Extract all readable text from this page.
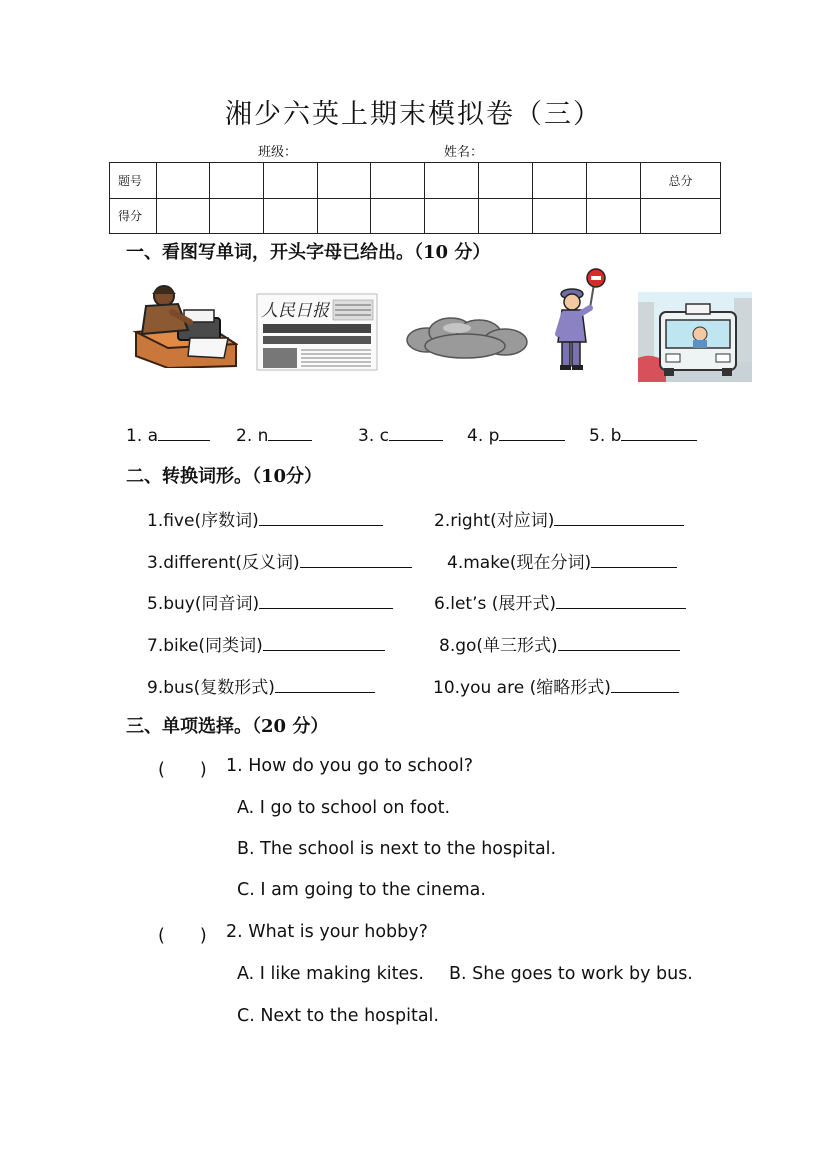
湘少六英上期末模拟卷（三）
班级：	姓名：
题号										总分
得分										
一、看图写单词，开头字母已给出。（10 分）
人民日报
1. a	2. n	3. c	4. p	5. b
二、转换词形。（10分）
1.five(序数词)	2.right(对应词)
3.different(反义词)	4.make(现在分词)
5.buy(同音词)	6.let’s (展开式)
7.bike(同类词)	8.go(单三形式)
9.bus(复数形式)	10.you are (缩略形式)
三、单项选择。（20 分）
(　　) 1. How do you go to school?
A. I go to school on foot.
B. The school is next to the hospital.
C. I am going to the cinema.
(　　) 2. What is your hobby?
A. I like making kites. B. She goes to work by bus.
C. Next to the hospital.
